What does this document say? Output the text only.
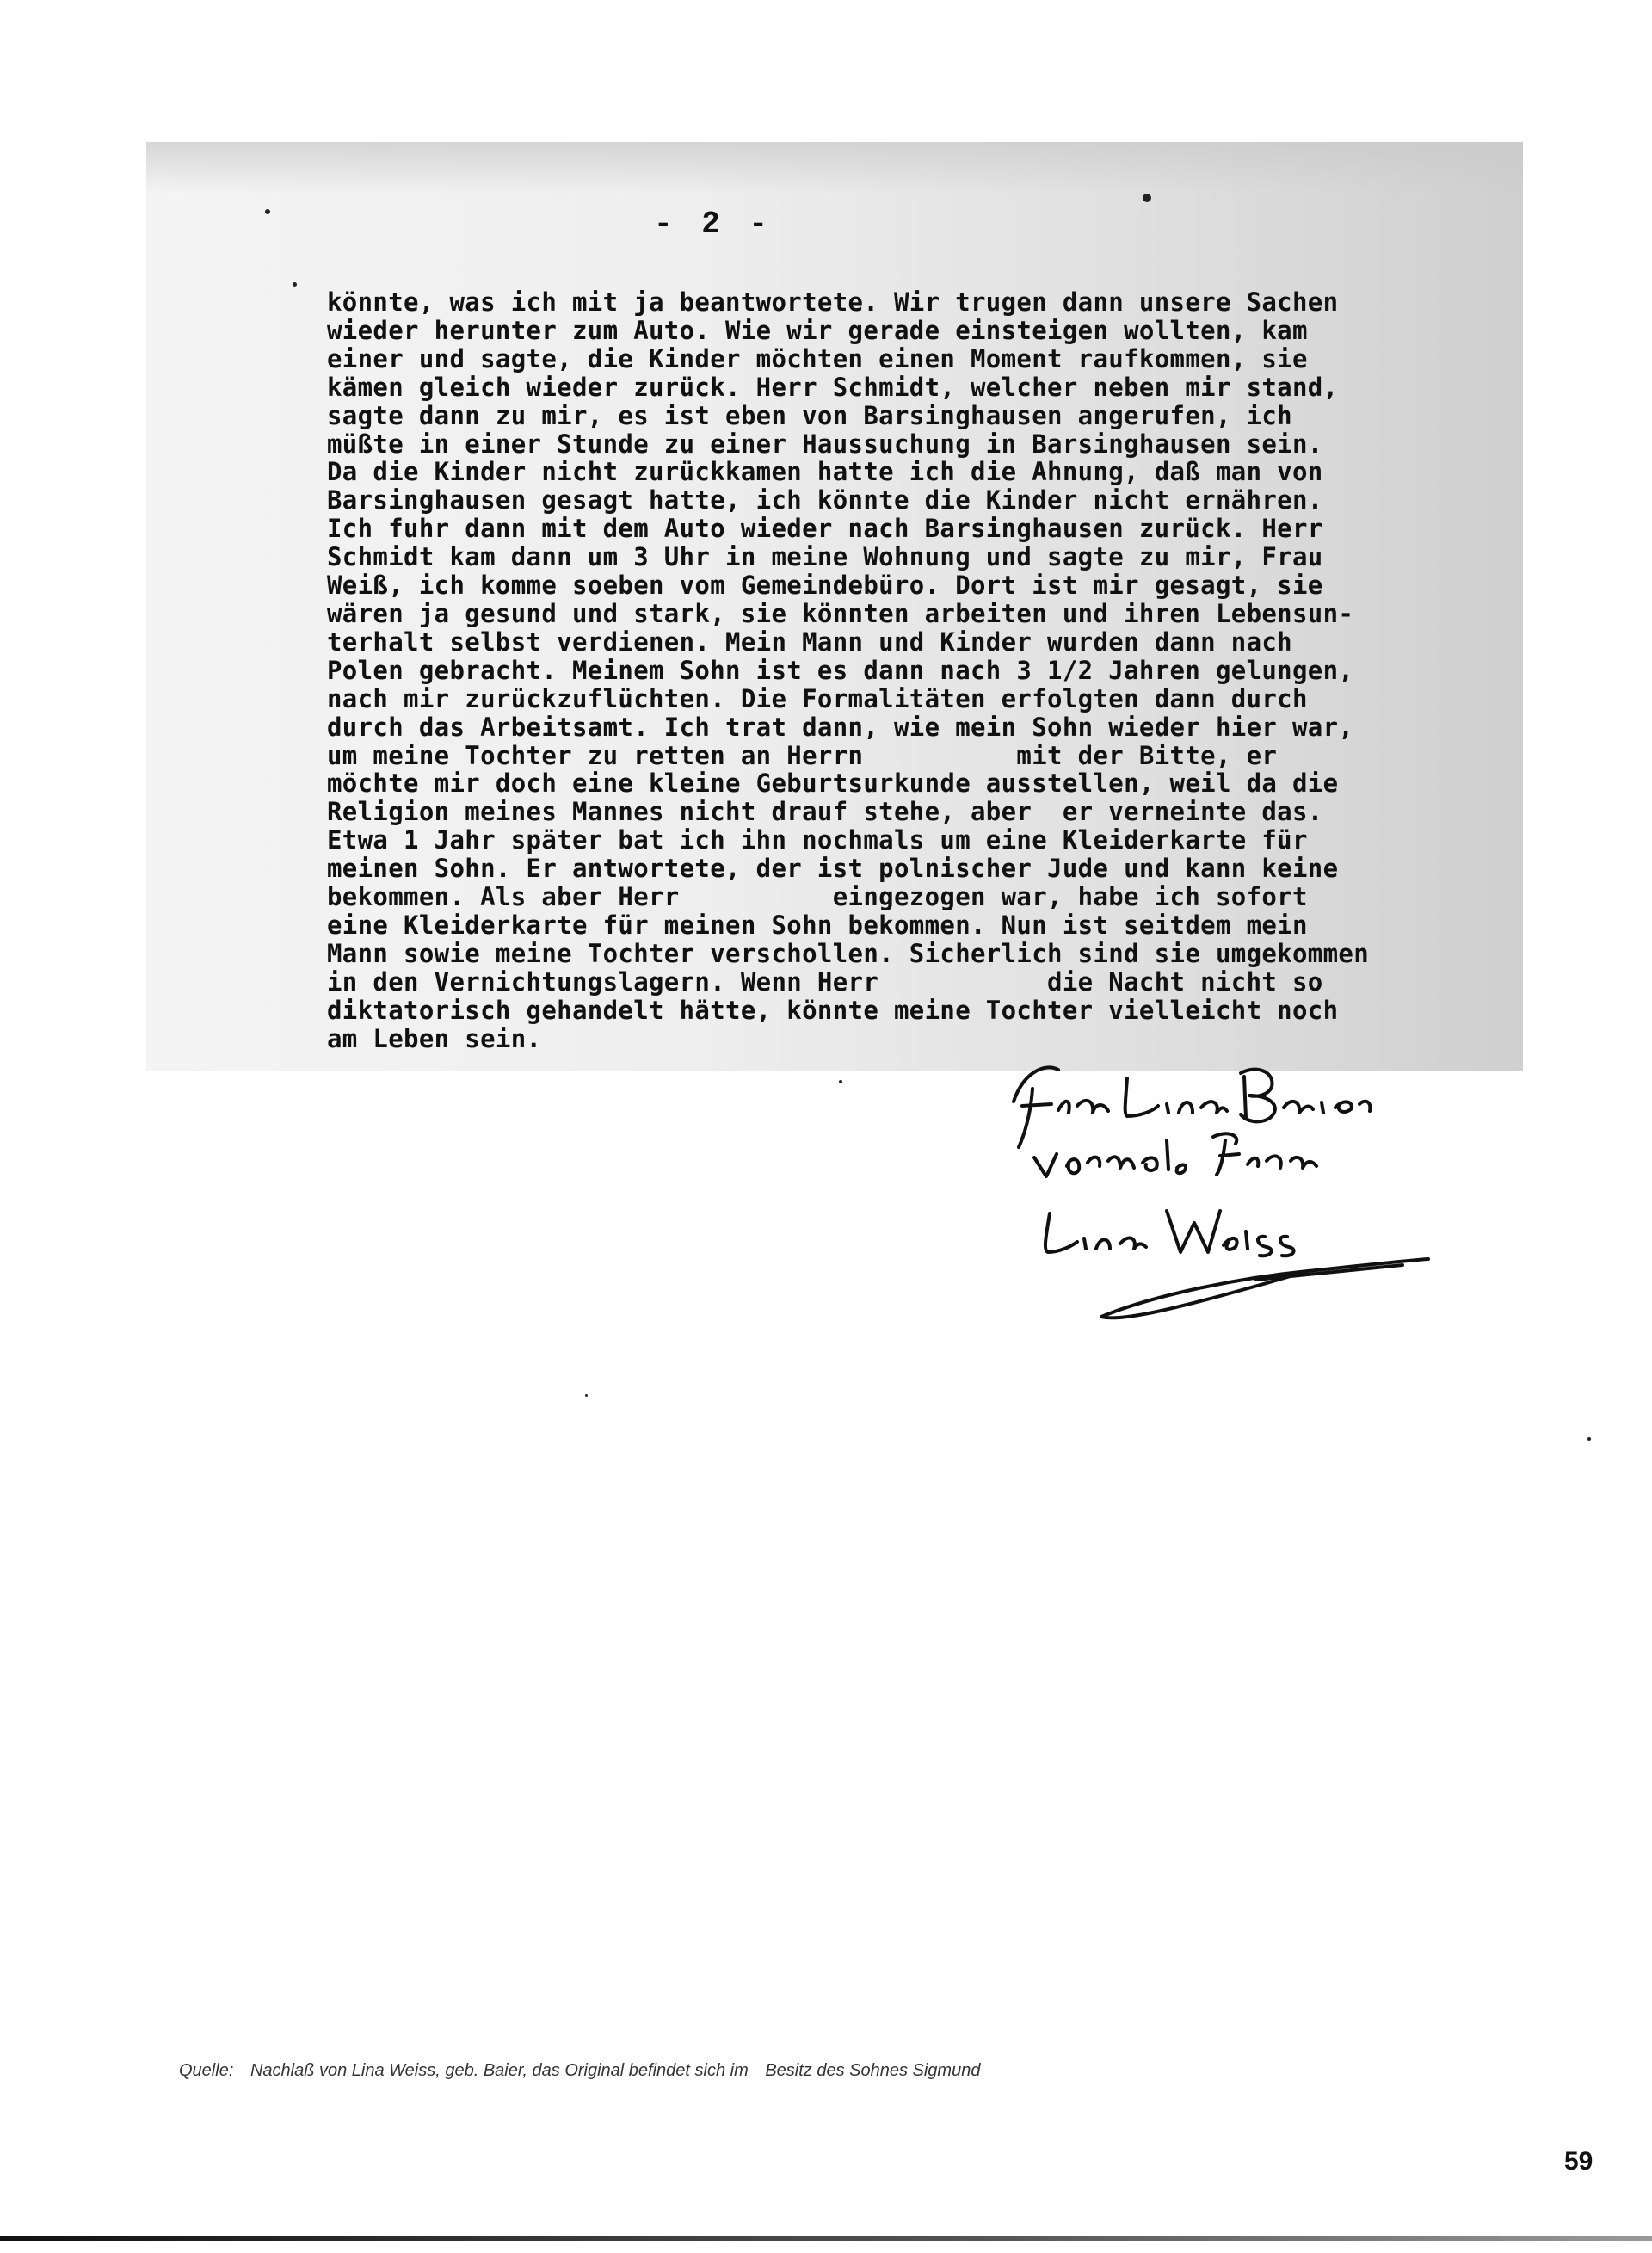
- 2 -
könnte, was ich mit ja beantwortete. Wir trugen dann unsere Sachen
wieder herunter zum Auto. Wie wir gerade einsteigen wollten, kam
einer und sagte, die Kinder möchten einen Moment raufkommen, sie
kämen gleich wieder zurück. Herr Schmidt, welcher neben mir stand,
sagte dann zu mir, es ist eben von Barsinghausen angerufen, ich
müßte in einer Stunde zu einer Haussuchung in Barsinghausen sein.
Da die Kinder nicht zurückkamen hatte ich die Ahnung, daß man von
Barsinghausen gesagt hatte, ich könnte die Kinder nicht ernähren.
Ich fuhr dann mit dem Auto wieder nach Barsinghausen zurück. Herr
Schmidt kam dann um 3 Uhr in meine Wohnung und sagte zu mir, Frau
Weiß, ich komme soeben vom Gemeindebüro. Dort ist mir gesagt, sie
wären ja gesund und stark, sie könnten arbeiten und ihren Lebensun-
terhalt selbst verdienen. Mein Mann und Kinder wurden dann nach
Polen gebracht. Meinem Sohn ist es dann nach 3 1/2 Jahren gelungen,
nach mir zurückzuflüchten. Die Formalitäten erfolgten dann durch
durch das Arbeitsamt. Ich trat dann, wie mein Sohn wieder hier war,
um meine Tochter zu retten an Herrn          mit der Bitte, er
möchte mir doch eine kleine Geburtsurkunde ausstellen, weil da die
Religion meines Mannes nicht drauf stehe, aber  er verneinte das.
Etwa 1 Jahr später bat ich ihn nochmals um eine Kleiderkarte für
meinen Sohn. Er antwortete, der ist polnischer Jude und kann keine
bekommen. Als aber Herr          eingezogen war, habe ich sofort
eine Kleiderkarte für meinen Sohn bekommen. Nun ist seitdem mein
Mann sowie meine Tochter verschollen. Sicherlich sind sie umgekommen
in den Vernichtungslagern. Wenn Herr           die Nacht nicht so
diktatorisch gehandelt hätte, könnte meine Tochter vielleicht noch
am Leben sein.
Quelle: Nachlaß von Lina Weiss, geb. Baier, das Original befindet sich im Besitz des Sohnes Sigmund
59
